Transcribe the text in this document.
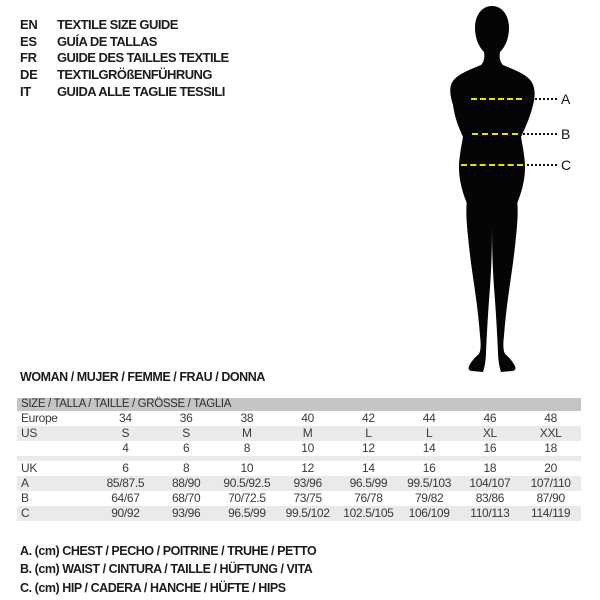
EN	TEXTILE SIZE GUIDE
ES	GUÍA DE TALLAS
FR	GUIDE DES TAILLES TEXTILE
DE	TEXTILGRÖßENFÜHRUNG
IT	GUIDA ALLE TAGLIE TESSILI	A
B
C
WOMAN / MUJER / FEMME / FRAU / DONNA
SIZE / TALLA / TAILLE / GRÖSSE / TAGLIA
Europe	34	36	38	40	42	44	46	48
US	S	S	M	M	L	L	XL	XXL
	4	6	8	10	12	14	16	18

UK	6	8	10	12	14	16	18	20
A	85/87.5	88/90	90.5/92.5	93/96	96.5/99	99.5/103	104/107	107/110
B	64/67	68/70	70/72.5	73/75	76/78	79/82	83/86	87/90
C	90/92	93/96	96.5/99	99.5/102	102.5/105	106/109	110/113	114/119
A. (cm) CHEST / PECHO / POITRINE / TRUHE / PETTO
B. (cm) WAIST / CINTURA / TAILLE / HÜFTUNG / VITA
C. (cm) HIP / CADERA / HANCHE / HÜFTE / HIPS
